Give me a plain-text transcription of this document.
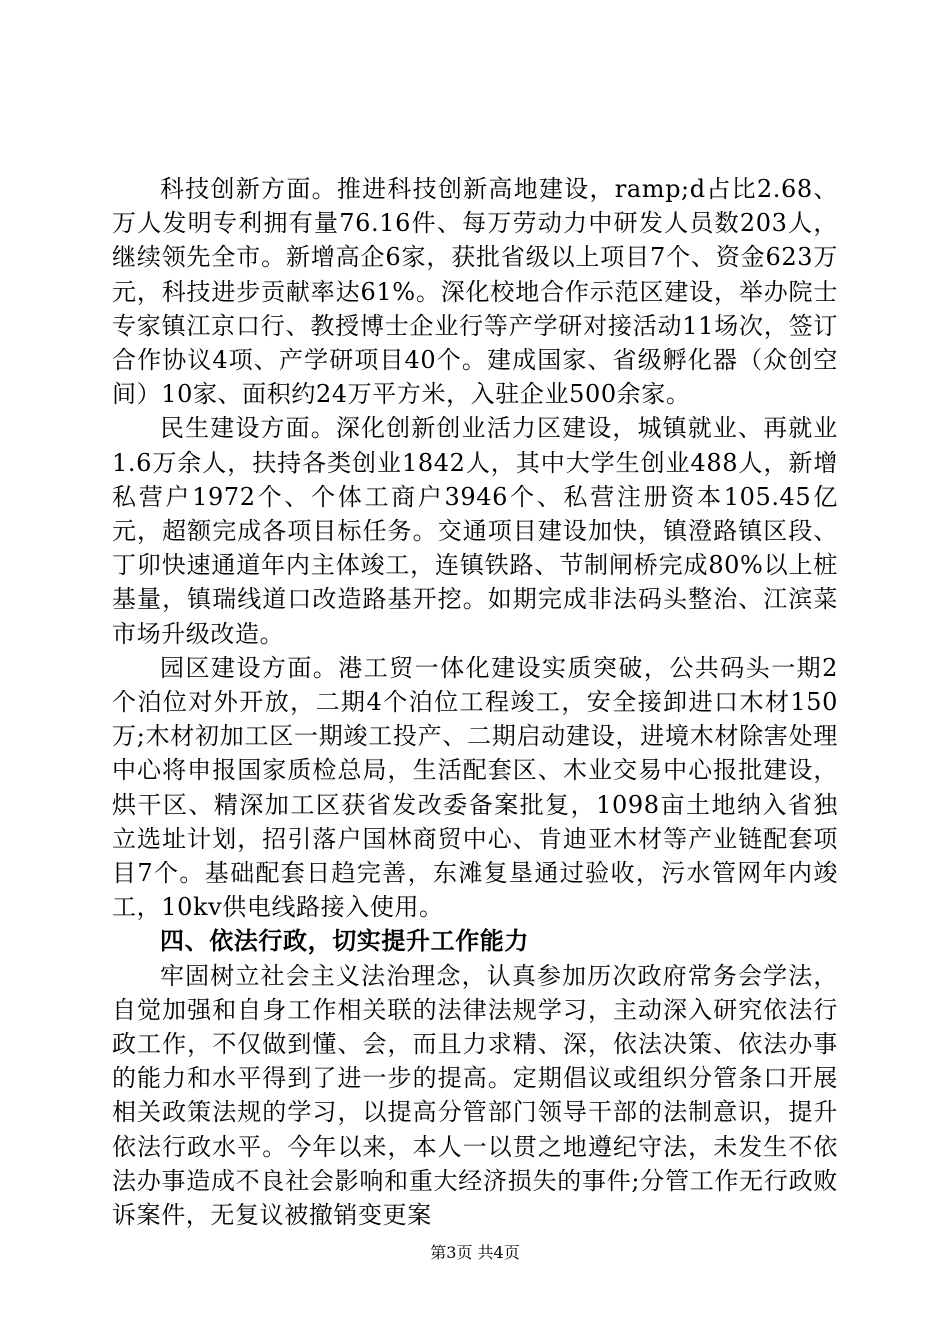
科技创新方面。推进科技创新高地建设，ramp;d占比2.68、万人发明专利拥有量76.16件、每万劳动力中研发人员数203人，继续领先全市。新增高企6家，获批省级以上项目7个、资金623万元，科技进步贡献率达61%。深化校地合作示范区建设，举办院士专家镇江京口行、教授博士企业行等产学研对接活动11场次，签订合作协议4项、产学研项目40个。建成国家、省级孵化器（众创空间）10家、面积约24万平方米，入驻企业500余家。

民生建设方面。深化创新创业活力区建设，城镇就业、再就业1.6万余人，扶持各类创业1842人，其中大学生创业488人，新增私营户1972个、个体工商户3946个、私营注册资本105.45亿元，超额完成各项目标任务。交通项目建设加快，镇澄路镇区段、丁卯快速通道年内主体竣工，连镇铁路、节制闸桥完成80%以上桩基量，镇瑞线道口改造路基开挖。如期完成非法码头整治、江滨菜市场升级改造。

园区建设方面。港工贸一体化建设实质突破，公共码头一期2个泊位对外开放，二期4个泊位工程竣工，安全接卸进口木材150万;木材初加工区一期竣工投产、二期启动建设，进境木材除害处理中心将申报国家质检总局，生活配套区、木业交易中心报批建设，烘干区、精深加工区获省发改委备案批复，1098亩土地纳入省独立选址计划，招引落户国林商贸中心、肯迪亚木材等产业链配套项目7个。基础配套日趋完善，东滩复垦通过验收，污水管网年内竣工，10kv供电线路接入使用。

四、依法行政，切实提升工作能力

牢固树立社会主义法治理念，认真参加历次政府常务会学法，自觉加强和自身工作相关联的法律法规学习，主动深入研究依法行政工作，不仅做到懂、会，而且力求精、深，依法决策、依法办事的能力和水平得到了进一步的提高。定期倡议或组织分管条口开展相关政策法规的学习，以提高分管部门领导干部的法制意识，提升依法行政水平。今年以来，本人一以贯之地遵纪守法，未发生不依法办事造成不良社会影响和重大经济损失的事件;分管工作无行政败诉案件，无复议被撤销变更案

第3页 共4页
